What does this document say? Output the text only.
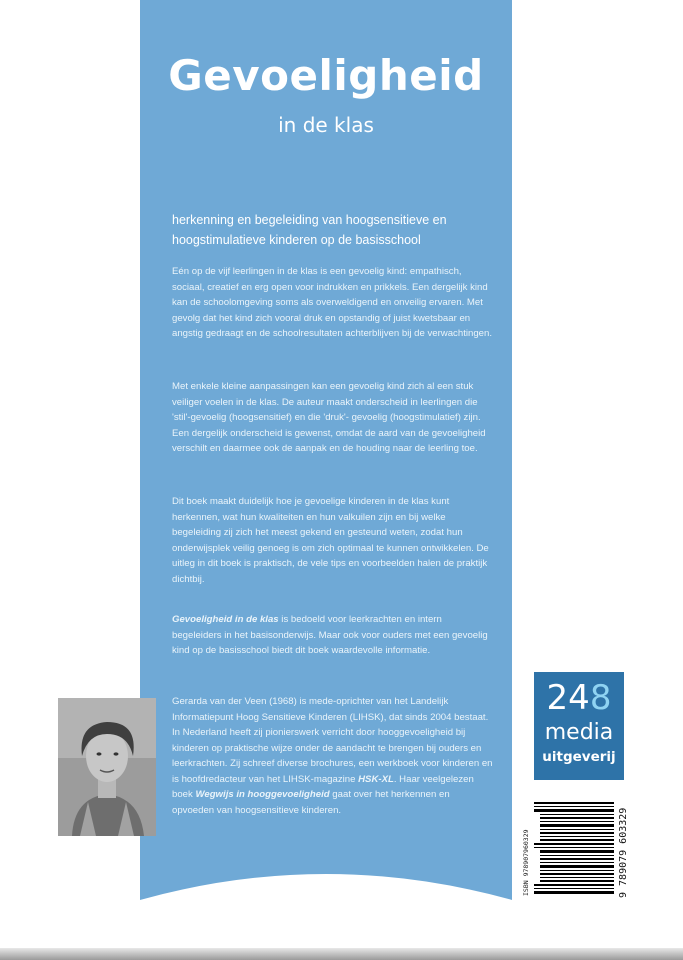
Gevoeligheid
in de klas
herkenning en begeleiding van hoogsensitieve en hoogstimulatieve kinderen op de basisschool

Eén op de vijf leerlingen in de klas is een gevoelig kind: empathisch, sociaal, creatief en erg open voor indrukken en prikkels. Een dergelijk kind kan de schoolomgeving soms als overweldigend en onveilig ervaren. Met gevolg dat het kind zich vooral druk en opstandig of juist kwetsbaar en angstig gedraagt en de schoolresultaten achterblijven bij de verwachtingen.

Met enkele kleine aanpassingen kan een gevoelig kind zich al een stuk veiliger voelen in de klas. De auteur maakt onderscheid in leerlingen die 'stil'-gevoelig (hoogsensitief) en die 'druk'- gevoelig (hoogstimulatief) zijn. Een dergelijk onderscheid is gewenst, omdat de aard van de gevoeligheid verschilt en daarmee ook de aanpak en de houding naar de leerling toe.

Dit boek maakt duidelijk hoe je gevoelige kinderen in de klas kunt herkennen, wat hun kwaliteiten en hun valkuilen zijn en bij welke begeleiding zij zich het meest gekend en gesteund weten, zodat hun onderwijsplek veilig genoeg is om zich optimaal te kunnen ontwikkelen. De uitleg in dit boek is praktisch, de vele tips en voorbeelden halen de praktijk dichtbij.

Gevoeligheid in de klas is bedoeld voor leerkrachten en intern begeleiders in het basisonderwijs. Maar ook voor ouders met een gevoelig kind op de basisschool biedt dit boek waardevolle informatie.

Gerarda van der Veen (1968) is mede-oprichter van het Landelijk Informatiepunt Hoog Sensitieve Kinderen (LIHSK), dat sinds 2004 bestaat. In Nederland heeft zij pionierswerk verricht door hooggevoeligheid bij kinderen op praktische wijze onder de aandacht te brengen bij ouders en leerkrachten. Zij schreef diverse brochures, een werkboek voor kinderen en is hoofdredacteur van het LIHSK-magazine HSK-XL. Haar veelgelezen boek Wegwijs in hooggevoeligheid gaat over het herkennen en opvoeden van hoogsensitieve kinderen.

248
media
uitgeverij
ISBN 978907960329	9 789079 603329
